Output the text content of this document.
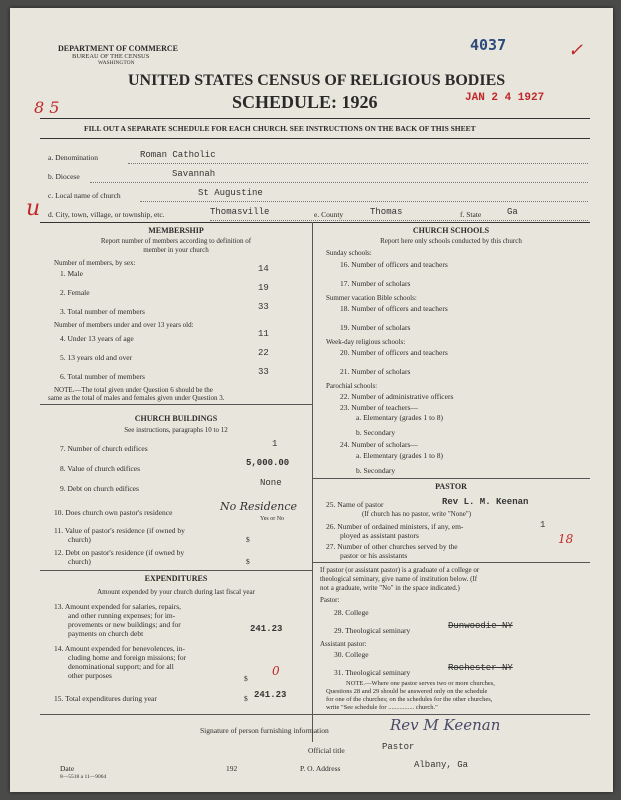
DEPARTMENT OF COMMERCE
BUREAU OF THE CENSUS
WASHINGTON
UNITED STATES CENSUS OF RELIGIOUS BODIES
SCHEDULE: 1926
4037
JAN 2 4 1927
8 5
✓
u
FILL OUT A SEPARATE SCHEDULE FOR EACH CHURCH. SEE INSTRUCTIONS ON THE BACK OF THIS SHEET
a. Denomination	Roman Catholic
b. Diocese	Savannah
c. Local name of church	St Augustine
d. City, town, village, or township, etc.	Thomasville	e. County	Thomas	f. State	Ga
MEMBERSHIP
Report number of members according to definition of
member in your church
Number of members, by sex:
1. Male	14
2. Female	19
3. Total number of members	33
Number of members under and over 13 years old:
4. Under 13 years of age	11
5. 13 years old and over	22
6. Total number of members	33
NOTE.—The total given under Question 6 should be the
same as the total of males and females given under Question 3.
CHURCH BUILDINGS
See instructions, paragraphs 10 to 12
7. Number of church edifices	1
8. Value of church edifices
5,000.00
9. Debt on church edifices
None
10. Does church own pastor's residence	No Residence
Yes or No
11. Value of pastor's residence (if owned by
church)	$
12. Debt on pastor's residence (if owned by
church)	$
EXPENDITURES
Amount expended by your church during last fiscal year
13. Amount expended for salaries, repairs,
and other running expenses; for im-
provements or new buildings; and for
payments on church debt	241.23
14. Amount expended for benevolences, in-
cluding home and foreign missions; for
denominational support; and for all
other purposes	$
0
15. Total expenditures during year	$ 241.23
CHURCH SCHOOLS
Report here only schools conducted by this church
Sunday schools:
16. Number of officers and teachers
17. Number of scholars
Summer vacation Bible schools:
18. Number of officers and teachers
19. Number of scholars
Week-day religious schools:
20. Number of officers and teachers
21. Number of scholars
Parochial schools:
22. Number of administrative officers
23. Number of teachers—
a. Elementary (grades 1 to 8)
b. Secondary
24. Number of scholars—
a. Elementary (grades 1 to 8)
b. Secondary
PASTOR
25. Name of pastor	Rev L. M. Keenan
(If church has no pastor, write "None")
26. Number of ordained ministers, if any, em-
ployed as assistant pastors
1
27. Number of other churches served by the
pastor or his assistants
18
If pastor (or assistant pastor) is a graduate of a college or
theological seminary, give name of institution below. (If
not a graduate, write "No" in the space indicated.)
Pastor:
28. College
29. Theological seminary	Dunwoodie NY
Assistant pastor:
30. College
31. Theological seminary	Rochester NY
NOTE.—Where one pastor serves two or more churches,
Questions 28 and 29 should be answered only on the schedule
for one of the churches; on the schedules for the other churches,
write "See schedule for ................ church."
Signature of person furnishing information	Rev M Keenan
Official title	Pastor
Date	192	P. O. Address	Albany, Ga
8—5518 a 11—9064
